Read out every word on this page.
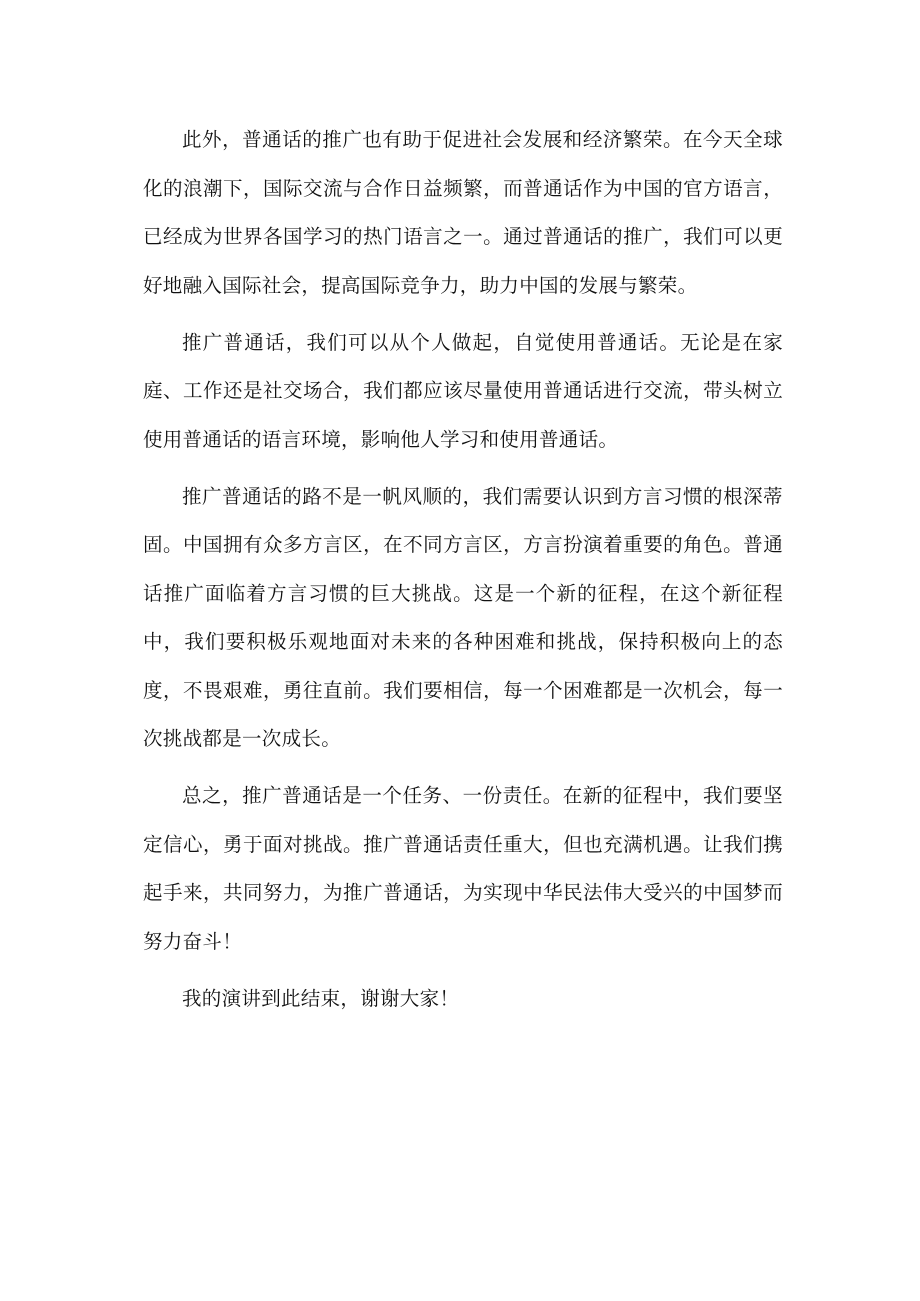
此外，普通话的推广也有助于促进社会发展和经济繁荣。在今天全球化的浪潮下，国际交流与合作日益频繁，而普通话作为中国的官方语言，已经成为世界各国学习的热门语言之一。通过普通话的推广，我们可以更好地融入国际社会，提高国际竞争力，助力中国的发展与繁荣。

推广普通话，我们可以从个人做起，自觉使用普通话。无论是在家庭、工作还是社交场合，我们都应该尽量使用普通话进行交流，带头树立使用普通话的语言环境，影响他人学习和使用普通话。

推广普通话的路不是一帆风顺的，我们需要认识到方言习惯的根深蒂固。中国拥有众多方言区，在不同方言区，方言扮演着重要的角色。普通话推广面临着方言习惯的巨大挑战。这是一个新的征程，在这个新征程中，我们要积极乐观地面对未来的各种困难和挑战，保持积极向上的态度，不畏艰难，勇往直前。我们要相信，每一个困难都是一次机会，每一次挑战都是一次成长。

总之，推广普通话是一个任务、一份责任。在新的征程中，我们要坚定信心，勇于面对挑战。推广普通话责任重大，但也充满机遇。让我们携起手来，共同努力，为推广普通话，为实现中华民法伟大受兴的中国梦而努力奋斗！

我的演讲到此结束，谢谢大家！
